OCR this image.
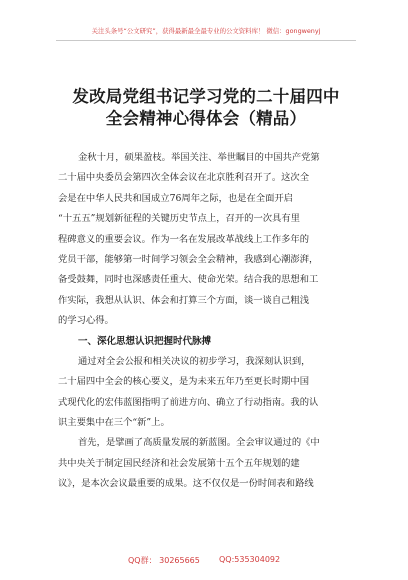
关注头条号“公文研究”，获得最新最全最专业的公文资料库！ 微信：gongwenyj
发改局党组书记学习党的二十届四中
全会精神心得体会（精品）
金秋十月，硕果盈枝。举国关注、举世瞩目的中国共产党第
二十届中央委员会第四次全体会议在北京胜利召开了。这次全
会是在中华人民共和国成立76周年之际，也是在全面开启
“十五五”规划新征程的关键历史节点上，召开的一次具有里
程碑意义的重要会议。作为一名在发展改革战线上工作多年的
党员干部，能够第一时间学习领会全会精神，我感到心潮澎湃，
备受鼓舞，同时也深感责任重大、使命光荣。结合我的思想和工
作实际，我想从认识、体会和打算三个方面，谈一谈自己粗浅
的学习心得。
一、深化思想认识把握时代脉搏
通过对全会公报和相关决议的初步学习，我深刻认识到，
二十届四中全会的核心要义，是为未来五年乃至更长时期中国
式现代化的宏伟蓝图指明了前进方向、确立了行动指南。我的认
识主要集中在三个“新”上。
首先，是擘画了高质量发展的新蓝图。全会审议通过的《中
共中央关于制定国民经济和社会发展第十五个五年规划的建
议》，是本次会议最重要的成果。这不仅仅是一份时间表和路线
QQ群： 30265665 QQ:535304092
